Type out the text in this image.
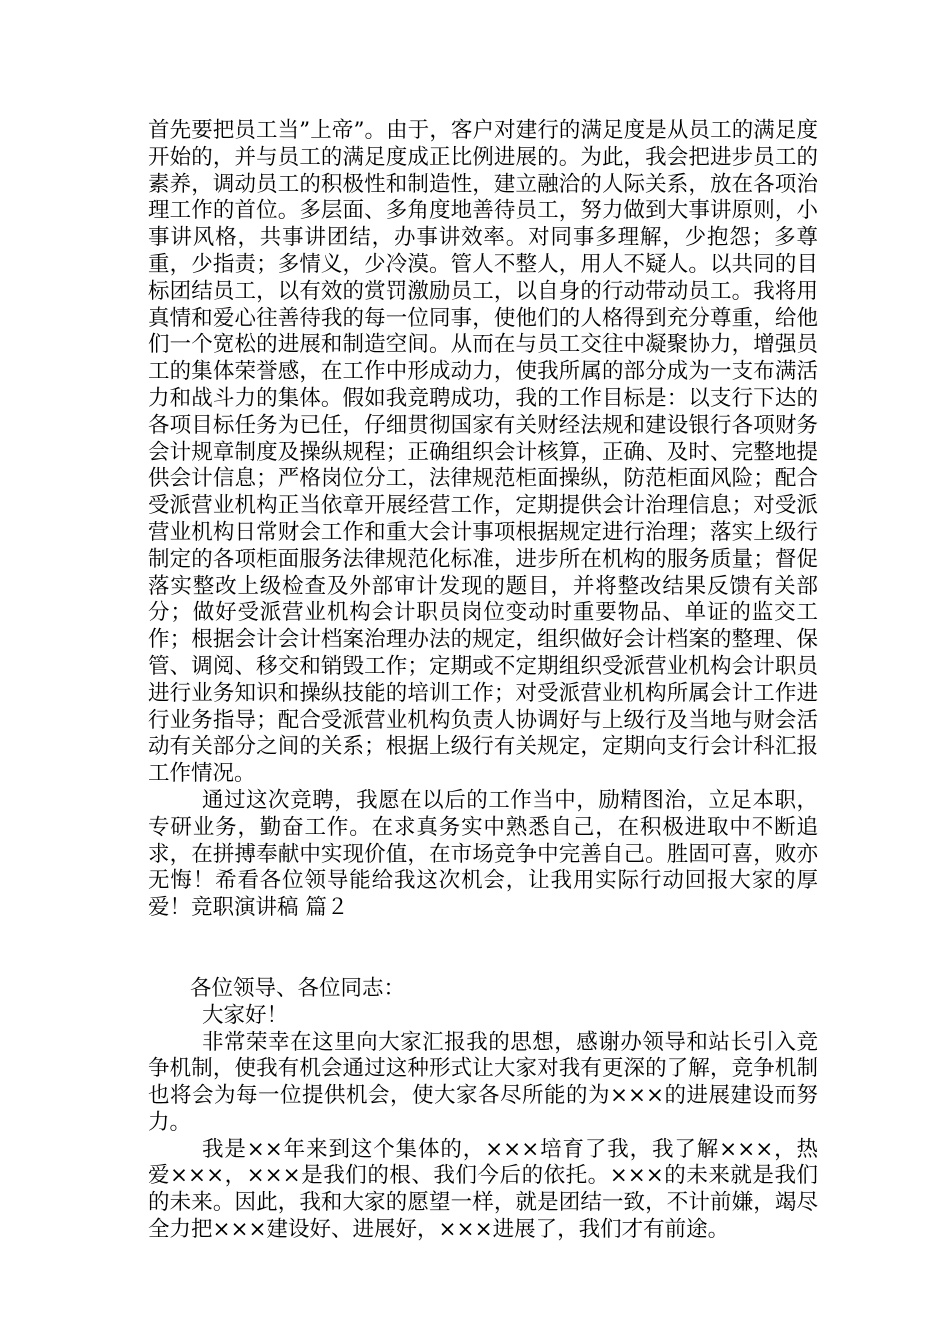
首先要把员工当”上帝”。由于，客户对建行的满足度是从员工的满足度开始的，并与员工的满足度成正比例进展的。为此，我会把进步员工的素养，调动员工的积极性和制造性，建立融洽的人际关系，放在各项治理工作的首位。多层面、多角度地善待员工，努力做到大事讲原则，小事讲风格，共事讲团结，办事讲效率。对同事多理解，少抱怨；多尊重，少指责；多情义，少冷漠。管人不整人，用人不疑人。以共同的目标团结员工，以有效的赏罚激励员工，以自身的行动带动员工。我将用真情和爱心往善待我的每一位同事，使他们的人格得到充分尊重，给他们一个宽松的进展和制造空间。从而在与员工交往中凝聚协力，增强员工的集体荣誉感，在工作中形成动力，使我所属的部分成为一支布满活力和战斗力的集体。假如我竞聘成功，我的工作目标是：以支行下达的各项目标任务为已任，仔细贯彻国家有关财经法规和建设银行各项财务会计规章制度及操纵规程；正确组织会计核算，正确、及时、完整地提供会计信息；严格岗位分工，法律规范柜面操纵，防范柜面风险；配合受派营业机构正当依章开展经营工作，定期提供会计治理信息；对受派营业机构日常财会工作和重大会计事项根据规定进行治理；落实上级行制定的各项柜面服务法律规范化标准，进步所在机构的服务质量；督促落实整改上级检查及外部审计发现的题目，并将整改结果反馈有关部分；做好受派营业机构会计职员岗位变动时重要物品、单证的监交工作；根据会计会计档案治理办法的规定，组织做好会计档案的整理、保管、调阅、移交和销毁工作；定期或不定期组织受派营业机构会计职员进行业务知识和操纵技能的培训工作；对受派营业机构所属会计工作进行业务指导；配合受派营业机构负责人协调好与上级行及当地与财会活动有关部分之间的关系；根据上级行有关规定，定期向支行会计科汇报工作情况。

通过这次竞聘，我愿在以后的工作当中，励精图治，立足本职，专研业务，勤奋工作。在求真务实中熟悉自己，在积极进取中不断追求，在拼搏奉献中实现价值，在市场竞争中完善自己。胜固可喜，败亦无悔！希看各位领导能给我这次机会，让我用实际行动回报大家的厚爱！竞职演讲稿 篇２

各位领导、各位同志：

大家好！

非常荣幸在这里向大家汇报我的思想，感谢办领导和站长引入竞争机制，使我有机会通过这种形式让大家对我有更深的了解，竞争机制也将会为每一位提供机会，使大家各尽所能的为×××的进展建设而努力。

我是××年来到这个集体的，×××培育了我，我了解×××，热爱×××，×××是我们的根、我们今后的依托。×××的未来就是我们的未来。因此，我和大家的愿望一样，就是团结一致，不计前嫌，竭尽全力把×××建设好、进展好，×××进展了，我们才有前途。
